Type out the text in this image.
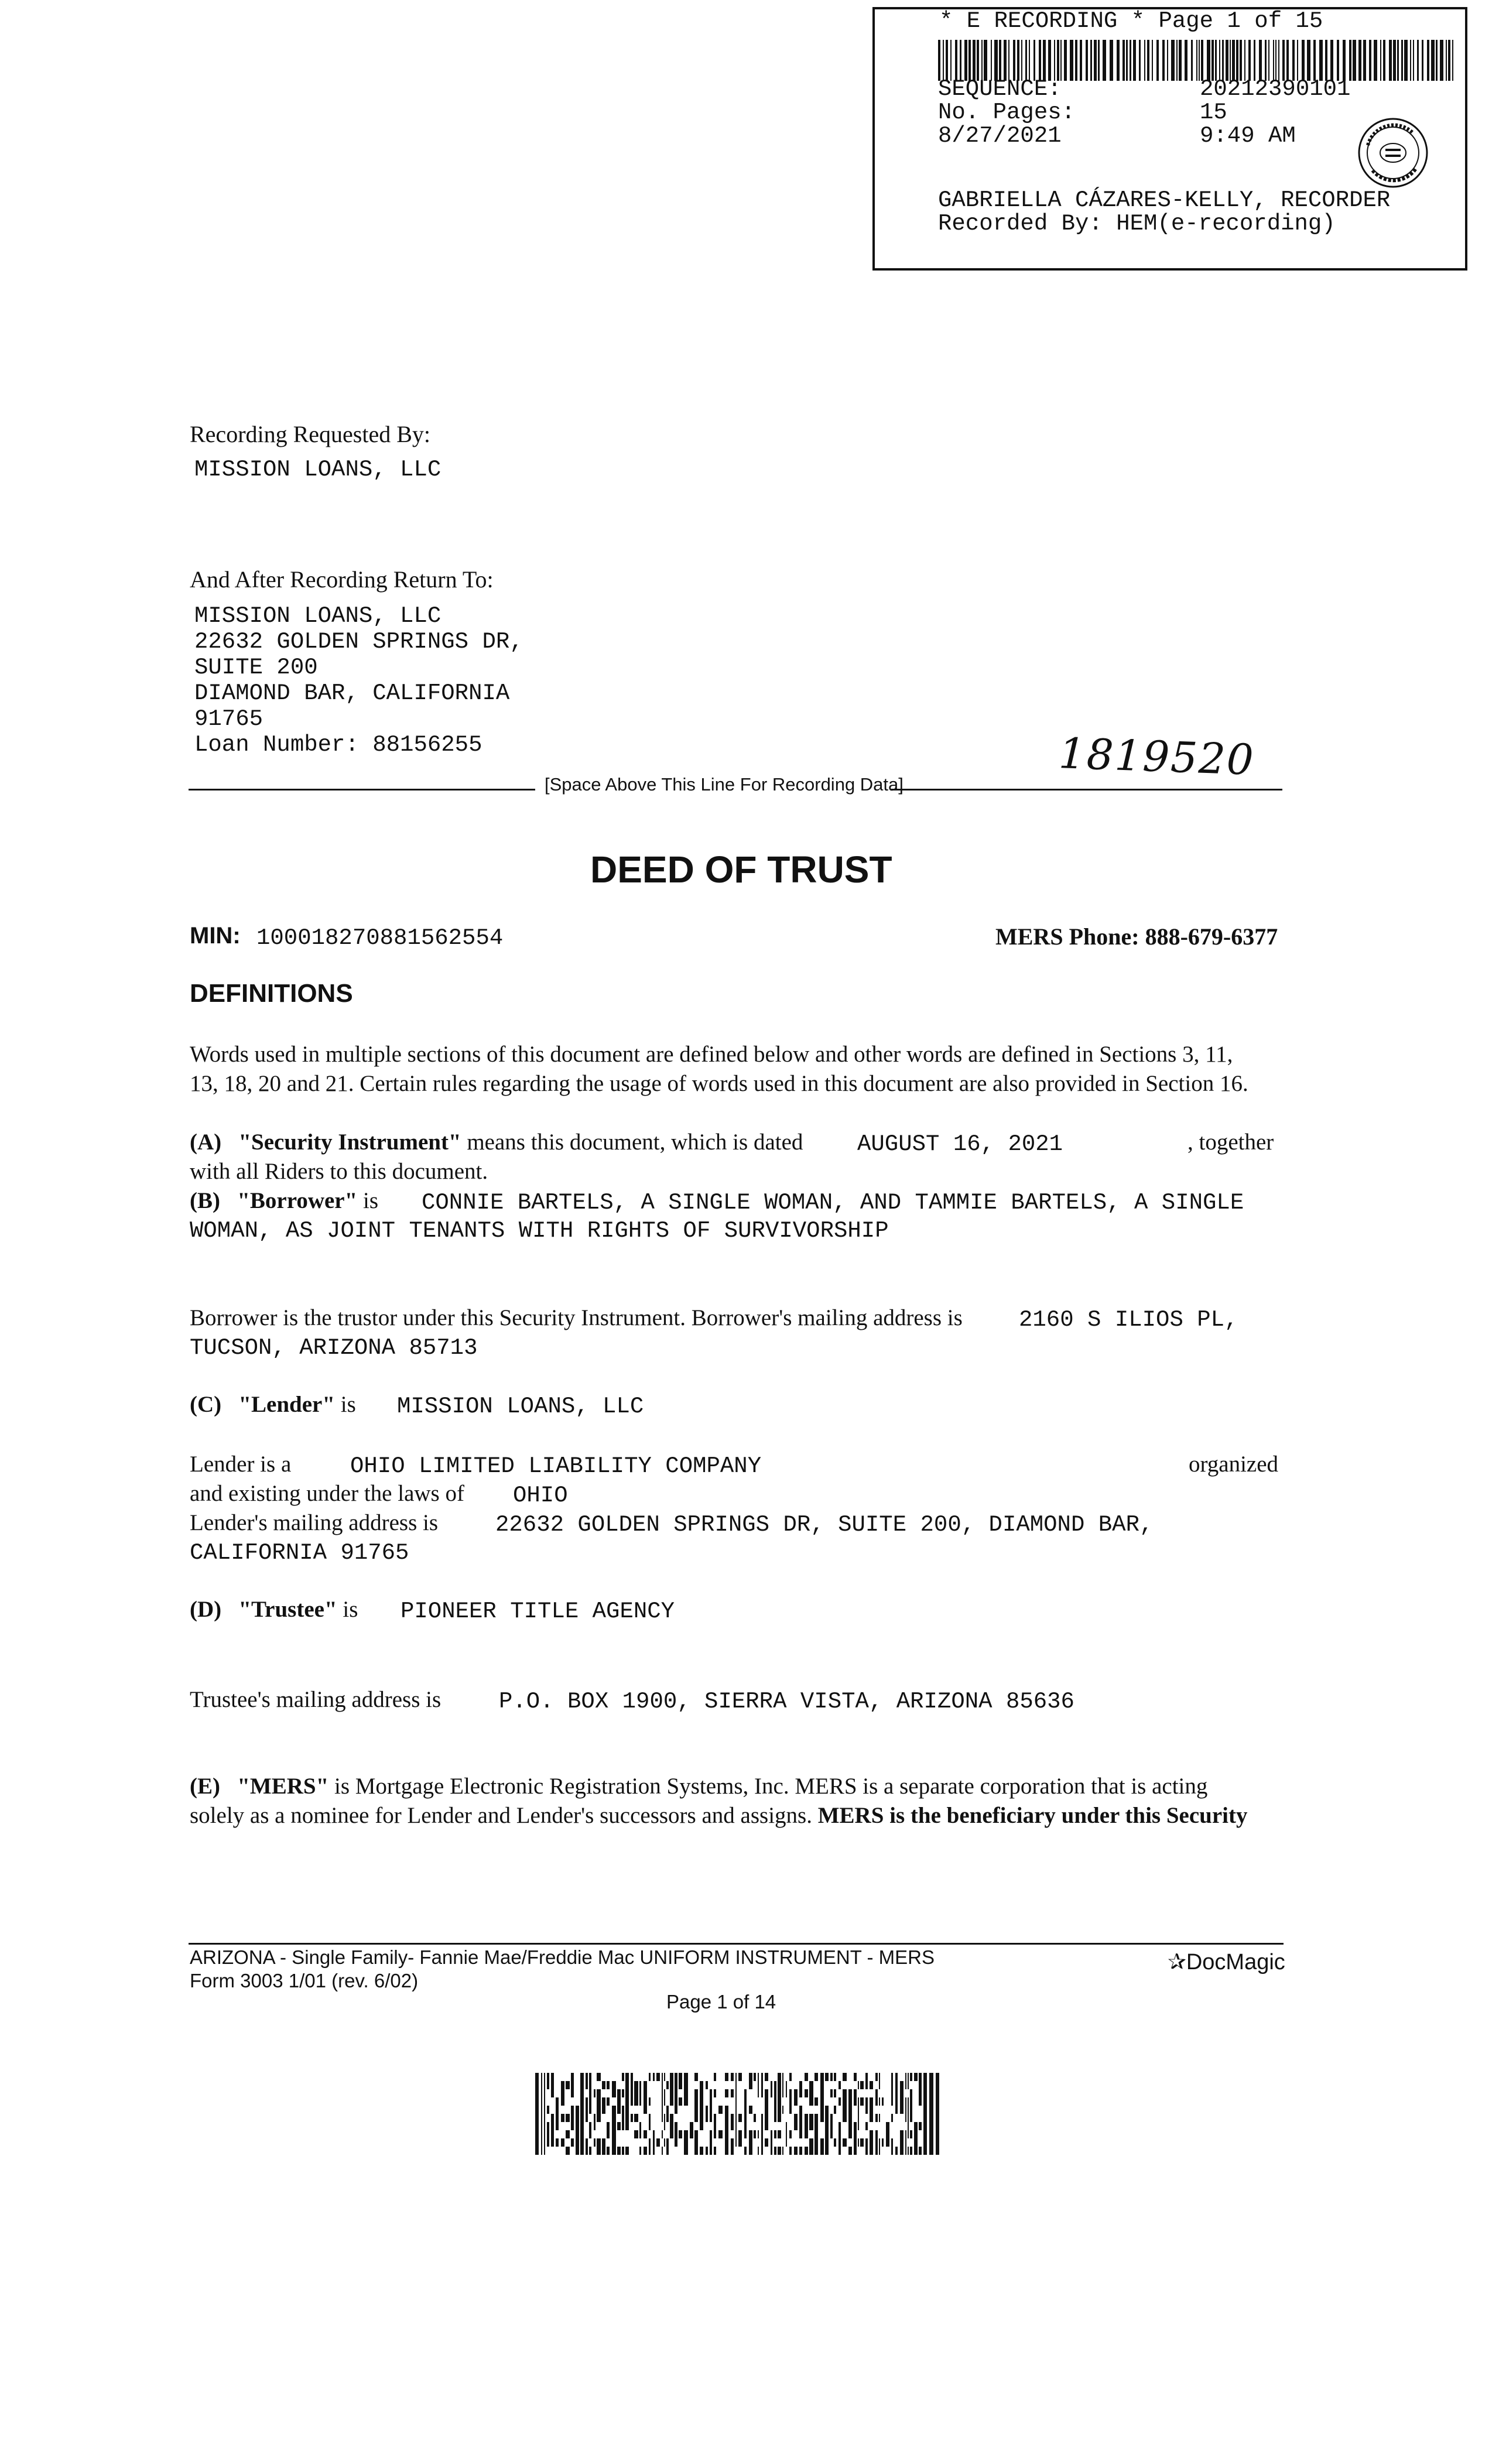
* E RECORDING * Page 1 of 15
SEQUENCE:	20212390101
No. Pages:	15
8/27/2021	9:49 AM
GABRIELLA CÁZARES-KELLY, RECORDER
Recorded By: HEM(e-recording)
Recording Requested By:
MISSION LOANS, LLC
And After Recording Return To:
MISSION LOANS, LLC
22632 GOLDEN SPRINGS DR,
SUITE 200
DIAMOND BAR, CALIFORNIA
91765
Loan Number: 88156255	1819520
[Space Above This Line For Recording Data]
DEED OF TRUST
MIN: 100018270881562554	MERS Phone: 888-679-6377
DEFINITIONS
Words used in multiple sections of this document are defined below and other words are defined in Sections 3, 11,
13, 18, 20 and 21. Certain rules regarding the usage of words used in this document are also provided in Section 16.
(A) "Security Instrument" means this document, which is dated AUGUST 16, 2021	, together
with all Riders to this document.
(B) "Borrower" is CONNIE BARTELS, A SINGLE WOMAN, AND TAMMIE BARTELS, A SINGLE
WOMAN, AS JOINT TENANTS WITH RIGHTS OF SURVIVORSHIP
Borrower is the trustor under this Security Instrument. Borrower's mailing address is 2160 S ILIOS PL,
TUCSON, ARIZONA 85713
(C) "Lender" is MISSION LOANS, LLC
Lender is a	OHIO LIMITED LIABILITY COMPANY	organized
and existing under the laws of OHIO
Lender's mailing address is	22632 GOLDEN SPRINGS DR, SUITE 200, DIAMOND BAR,
CALIFORNIA 91765
(D) "Trustee" is PIONEER TITLE AGENCY
Trustee's mailing address is	P.O. BOX 1900, SIERRA VISTA, ARIZONA 85636
(E) "MERS" is Mortgage Electronic Registration Systems, Inc. MERS is a separate corporation that is acting
solely as a nominee for Lender and Lender's successors and assigns. MERS is the beneficiary under this Security
ARIZONA - Single Family- Fannie Mae/Freddie Mac UNIFORM INSTRUMENT - MERS
Form 3003 1/01 (rev. 6/02)
✰DocMagic
Page 1 of 14
